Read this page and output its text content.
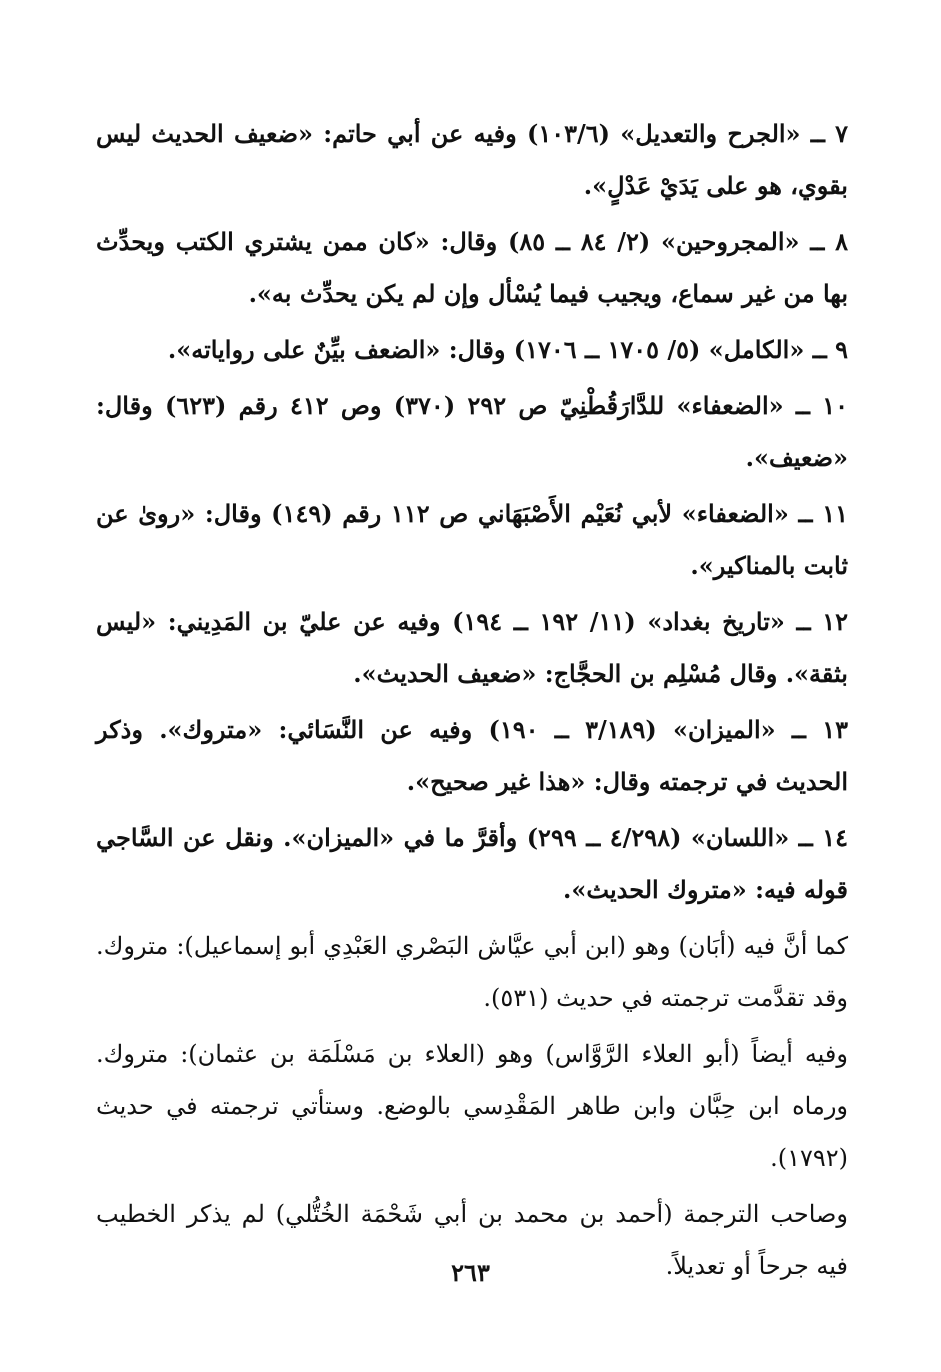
٧ ــ «الجرح والتعديل» (١٠٣/٦) وفيه عن أبي حاتم: «ضعيف الحديث ليس بقوي، هو على يَدَيْ عَدْلٍ».

٨ ــ «المجروحين» (٢/ ٨٤ ــ ٨٥) وقال: «كان ممن يشتري الكتب ويحدِّث بها من غير سماع، ويجيب فيما يُسْأل وإن لم يكن يحدِّث به».

٩ ــ «الكامل» (٥/ ١٧٠٥ ــ ١٧٠٦) وقال: «الضعف بيِّنٌ على رواياته».

١٠ ــ «الضعفاء» للدَّارَقُطْنِيّ ص ٢٩٢ (٣٧٠) وص ٤١٢ رقم (٦٢٣) وقال: «ضعيف».

١١ ــ «الضعفاء» لأبي نُعَيْم الأَصْبَهَاني ص ١١٢ رقم (١٤٩) وقال: «روىٰ عن ثابت بالمناكير».

١٢ ــ «تاريخ بغداد» (١١/ ١٩٢ ــ ١٩٤) وفيه عن عليّ بن المَدِيني: «ليس بثقة». وقال مُسْلِم بن الحجَّاج: «ضعيف الحديث».

١٣ ــ «الميزان» (٣/١٨٩ ــ ١٩٠) وفيه عن النَّسَائي: «متروك». وذكر الحديث في ترجمته وقال: «هذا غير صحيح».

١٤ ــ «اللسان» (٤/٢٩٨ ــ ٢٩٩) وأقرَّ ما في «الميزان». ونقل عن السَّاجي قوله فيه: «متروك الحديث».

كما أنَّ فيه (أبَان) وهو (ابن أبي عيَّاش البَصْري العَبْدِي أبو إسماعيل): متروك. وقد تقدَّمت ترجمته في حديث (٥٣١).

وفيه أيضاً (أبو العلاء الرَّوَّاس) وهو (العلاء بن مَسْلَمَة بن عثمان): متروك. ورماه ابن حِبَّان وابن طاهر المَقْدِسي بالوضع. وستأتي ترجمته في حديث (١٧٩٢).

وصاحب الترجمة (أحمد بن محمد بن أبي شَحْمَة الخُتُّلي) لم يذكر الخطيب فيه جرحاً أو تعديلاً.

٢٦٣
